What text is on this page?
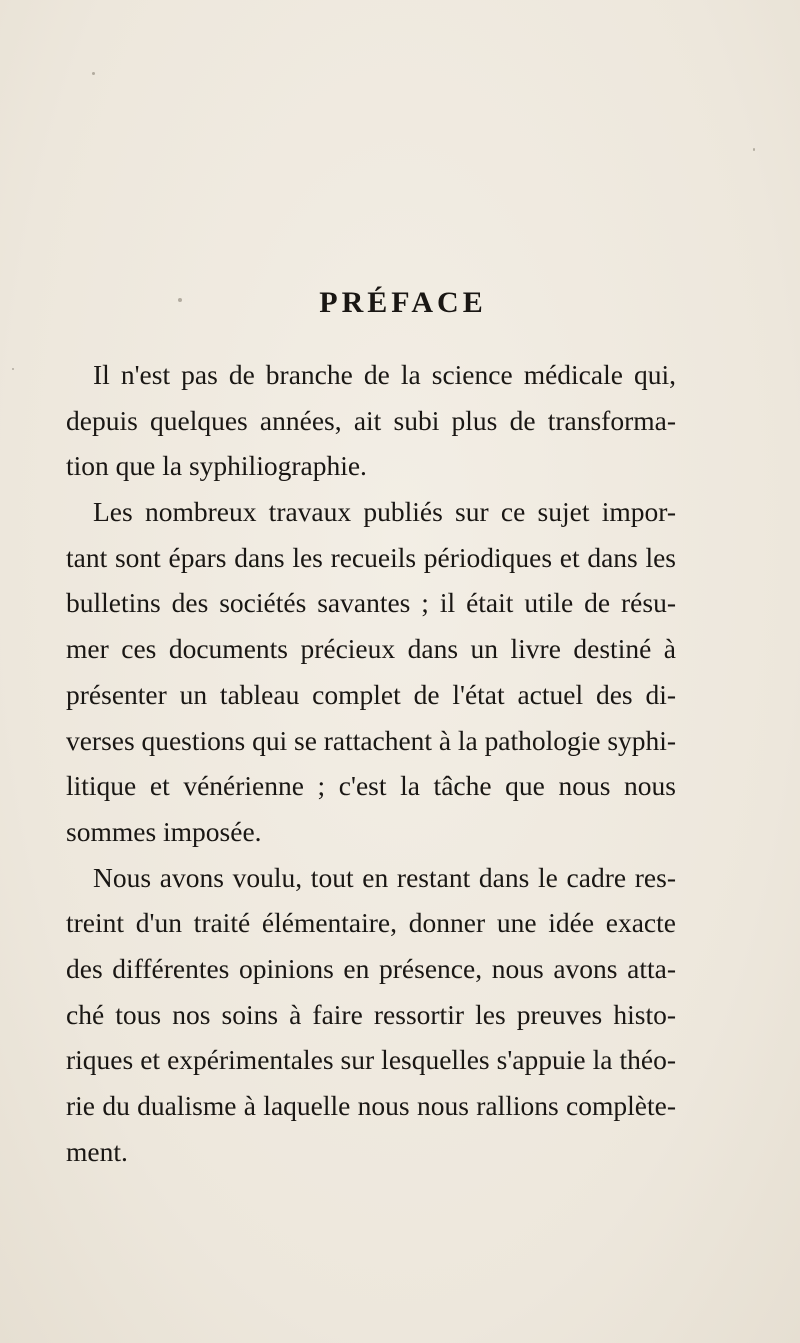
PRÉFACE
Il n'est pas de branche de la science médicale qui,
depuis quelques années, ait subi plus de transforma-
tion que la syphiliographie.
Les nombreux travaux publiés sur ce sujet impor-
tant sont épars dans les recueils périodiques et dans les
bulletins des sociétés savantes ; il était utile de résu-
mer ces documents précieux dans un livre destiné à
présenter un tableau complet de l'état actuel des di-
verses questions qui se rattachent à la pathologie syphi-
litique et vénérienne ; c'est la tâche que nous nous
sommes imposée.
Nous avons voulu, tout en restant dans le cadre res-
treint d'un traité élémentaire, donner une idée exacte
des différentes opinions en présence, nous avons atta-
ché tous nos soins à faire ressortir les preuves histo-
riques et expérimentales sur lesquelles s'appuie la théo-
rie du dualisme à laquelle nous nous rallions complète-
ment.
